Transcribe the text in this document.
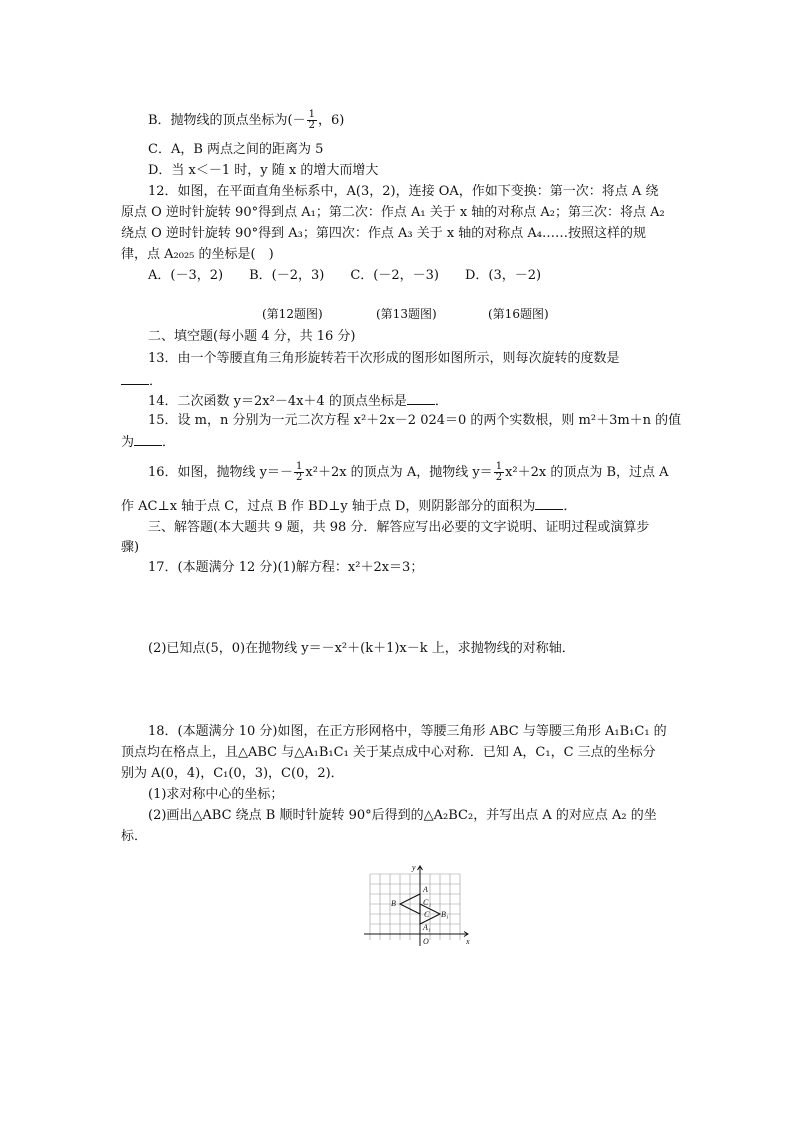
B．抛物线的顶点坐标为(－ $\frac{1}{2}$ ，6)
C．A，B 两点之间的距离为 5
D．当 x＜－1 时，y 随 x 的增大而增大
12．如图，在平面直角坐标系中，A(3，2)，连接 OA，作如下变换：第一次：将点 A 绕
原点 O 逆时针旋转 90°得到点 A₁；第二次：作点 A₁ 关于 x 轴的对称点 A₂；第三次：将点 A₂
绕点 O 逆时针旋转 90°得到 A₃；第四次：作点 A₃ 关于 x 轴的对称点 A₄……按照这样的规
律，点 A₂₀₂₅ 的坐标是(　)
A．(－3，2)　　B．(－2，3)　　C．(－2，－3)　　D．(3，－2)
(第12题图)	(第13题图)	(第16题图)
二、填空题(每小题 4 分，共 16 分)
13．由一个等腰直角三角形旋转若干次形成的图形如图所示，则每次旋转的度数是
．
14．二次函数 y＝2x²－4x＋4 的顶点坐标是 ．
15．设 m，n 分别为一元二次方程 x²＋2x－2 024＝0 的两个实数根，则 m²＋3m＋n 的值
为 ．
16．如图，抛物线 $y=- \frac{1}{2} x^2+2x$ 的顶点为 A，抛物线 $y= \frac{1}{2} x^2+2x$ 的顶点为 B，过点 A
作 AC⊥x 轴于点 C，过点 B 作 BD⊥y 轴于点 D，则阴影部分的面积为 ．
三、解答题(本大题共 9 题，共 98 分．解答应写出必要的文字说明、证明过程或演算步
骤)
17．(本题满分 12 分)(1)解方程：x²＋2x＝3；
(2)已知点(5，0)在抛物线 y＝－x²＋(k＋1)x－k 上，求抛物线的对称轴．
18．(本题满分 10 分)如图，在正方形网格中，等腰三角形 ABC 与等腰三角形 A₁B₁C₁ 的
顶点均在格点上，且△ABC 与△A₁B₁C₁ 关于某点成中心对称．已知 A，C₁，C 三点的坐标分
别为 A(0，4)，C₁(0，3)，C(0，2)．
(1)求对称中心的坐标；
(2)画出△ABC 绕点 B 顺时针旋转 90°后得到的△A₂BC₂，并写出点 A 的对应点 A₂ 的坐
标．
y
x
O
A
B	C₁
C B₁
A₁
